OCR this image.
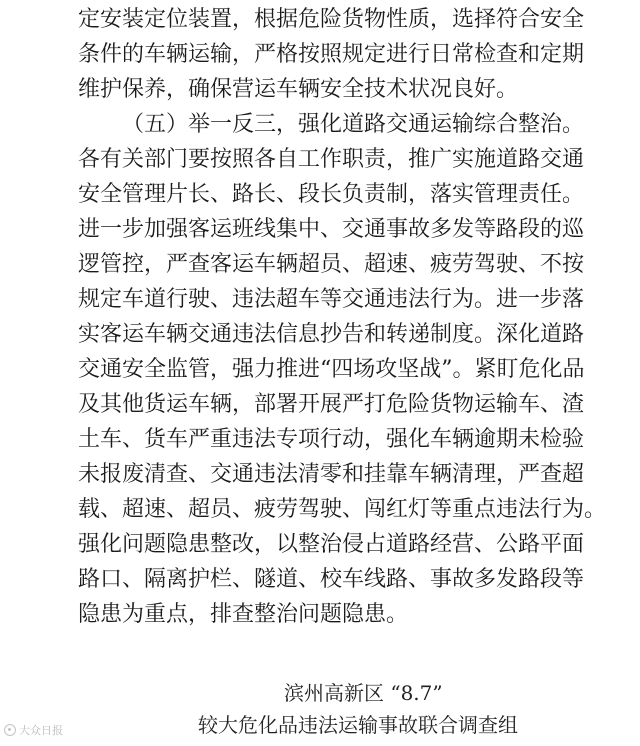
定安装定位装置，根据危险货物性质，选择符合安全
条件的车辆运输，严格按照规定进行日常检查和定期
维护保养，确保营运车辆安全技术状况良好。
（五）举一反三，强化道路交通运输综合整治。
各有关部门要按照各自工作职责，推广实施道路交通
安全管理片长、路长、段长负责制，落实管理责任。
进一步加强客运班线集中、交通事故多发等路段的巡
逻管控，严查客运车辆超员、超速、疲劳驾驶、不按
规定车道行驶、违法超车等交通违法行为。进一步落
实客运车辆交通违法信息抄告和转递制度。深化道路
交通安全监管，强力推进“四场攻坚战”。紧盯危化品
及其他货运车辆，部署开展严打危险货物运输车、渣
土车、货车严重违法专项行动，强化车辆逾期未检验
未报废清查、交通违法清零和挂靠车辆清理，严查超
载、超速、超员、疲劳驾驶、闯红灯等重点违法行为。
强化问题隐患整改，以整治侵占道路经营、公路平面
路口、隔离护栏、隧道、校车线路、事故多发路段等
隐患为重点，排查整治问题隐患。
滨州高新区 “8.7”
较大危化品违法运输事故联合调查组
大众日报
